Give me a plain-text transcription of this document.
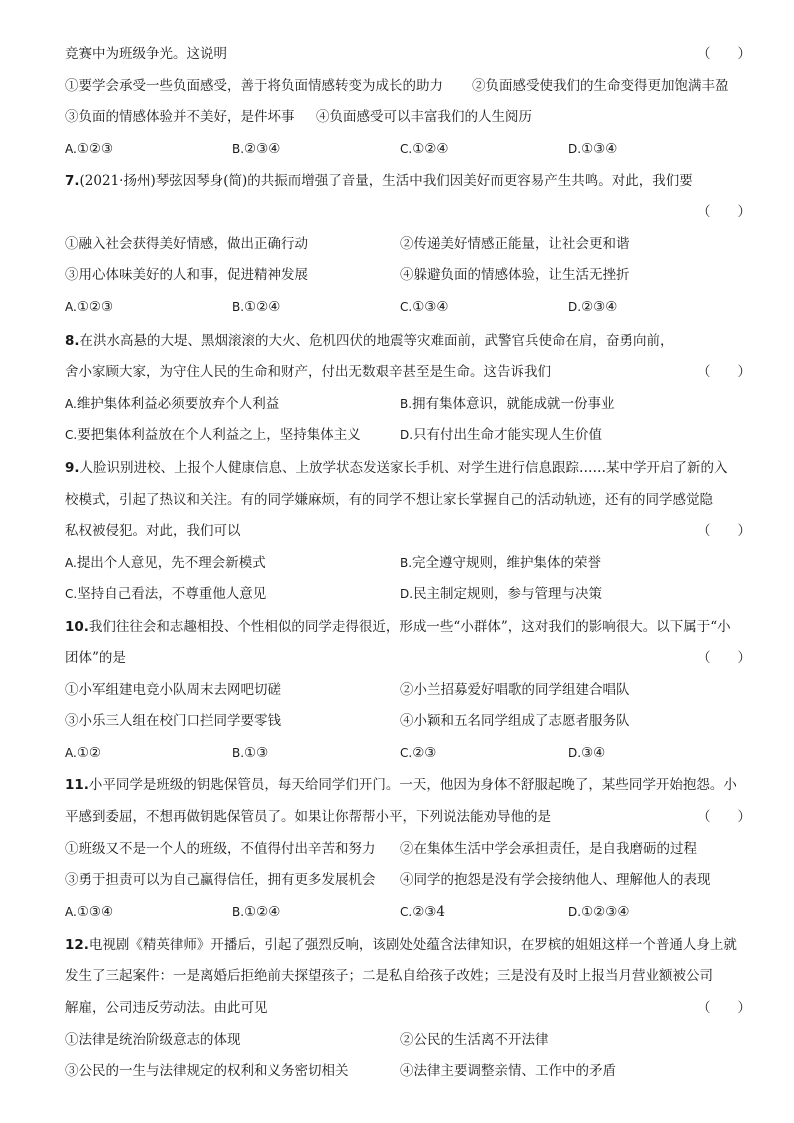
竞赛中为班级争光。这说明	（　　）
①要学会承受一些负面感受，善于将负面情感转变为成长的助力 ②负面感受使我们的生命变得更加饱满丰盈
③负面的情感体验并不美好，是件坏事 ④负面感受可以丰富我们的人生阅历
A.①②③	B.②③④	C.①②④	D.①③④
7.(2021·扬州)琴弦因琴身(简)的共振而增强了音量，生活中我们因美好而更容易产生共鸣。对此，我们要
（　　）
①融入社会获得美好情感，做出正确行动	②传递美好情感正能量，让社会更和谐
③用心体味美好的人和事，促进精神发展	④躲避负面的情感体验，让生活无挫折
A.①②③	B.①②④	C.①③④	D.②③④
8.在洪水高悬的大堤、黑烟滚滚的大火、危机四伏的地震等灾难面前，武警官兵使命在肩，奋勇向前，
舍小家顾大家，为守住人民的生命和财产，付出无数艰辛甚至是生命。这告诉我们	（　　）
A.维护集体利益必须要放弃个人利益	B.拥有集体意识，就能成就一份事业
C.要把集体利益放在个人利益之上，坚持集体主义	D.只有付出生命才能实现人生价值
9.人脸识别进校、上报个人健康信息、上放学状态发送家长手机、对学生进行信息跟踪……某中学开启了新的入
校模式，引起了热议和关注。有的同学嫌麻烦，有的同学不想让家长掌握自己的活动轨迹，还有的同学感觉隐
私权被侵犯。对此，我们可以	（　　）
A.提出个人意见，先不理会新模式	B.完全遵守规则，维护集体的荣誉
C.坚持自己看法，不尊重他人意见	D.民主制定规则，参与管理与决策
10.我们往往会和志趣相投、个性相似的同学走得很近，形成一些“小群体”，这对我们的影响很大。以下属于“小
团体”的是	（　　）
①小军组建电竞小队周末去网吧切磋	②小兰招募爱好唱歌的同学组建合唱队
③小乐三人组在校门口拦同学要零钱	④小颖和五名同学组成了志愿者服务队
A.①②	B.①③	C.②③	D.③④
11.小平同学是班级的钥匙保管员，每天给同学们开门。一天，他因为身体不舒服起晚了，某些同学开始抱怨。小
平感到委屈，不想再做钥匙保管员了。如果让你帮帮小平，下列说法能劝导他的是	（　　）
①班级又不是一个人的班级，不值得付出辛苦和努力 ②在集体生活中学会承担责任，是自我磨砺的过程
③勇于担责可以为自己赢得信任，拥有更多发展机会 ④同学的抱怨是没有学会接纳他人、理解他人的表现
A.①③④	B.①②④	C.②③4	D.①②③④
12.电视剧《精英律师》开播后，引起了强烈反响，该剧处处蕴含法律知识，在罗槟的姐姐这样一个普通人身上就
发生了三起案件：一是离婚后拒绝前夫探望孩子；二是私自给孩子改姓；三是没有及时上报当月营业额被公司
解雇，公司违反劳动法。由此可见	（　　）
①法律是统治阶级意志的体现	②公民的生活离不开法律
③公民的一生与法律规定的权利和义务密切相关	④法律主要调整亲情、工作中的矛盾
